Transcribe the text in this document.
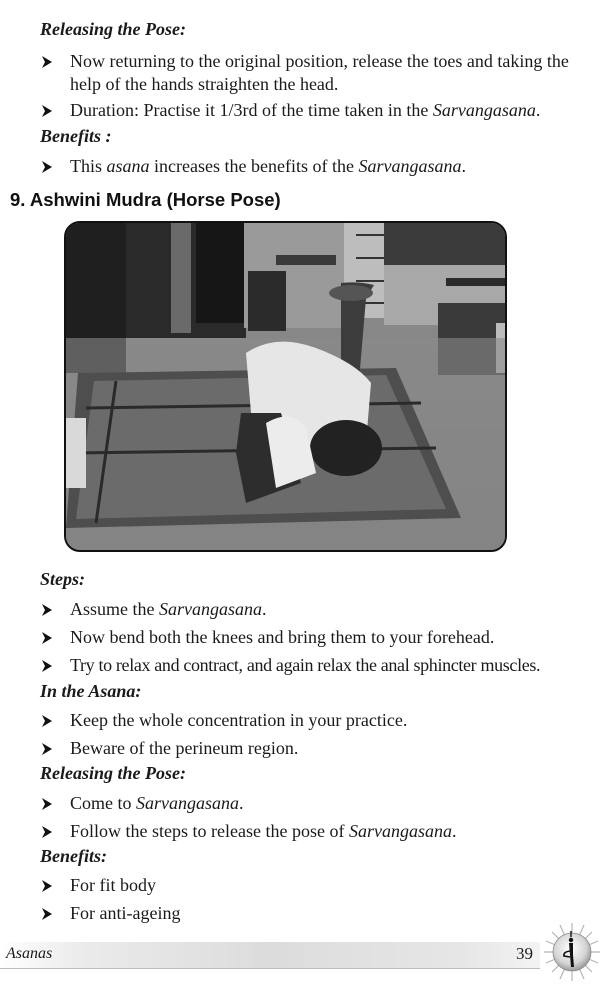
Releasing the Pose:
Now returning to the original position, release the toes and taking the help of the hands straighten the head.
Duration: Practise it 1/3rd of the time taken in the Sarvangasana.
Benefits :
This asana increases the benefits of the Sarvangasana.
9. Ashwini Mudra (Horse Pose)
Steps:
Assume the Sarvangasana.
Now bend both the knees and bring them to your forehead.
Try to relax and contract, and again relax the anal sphincter muscles.
In the Asana:
Keep the whole concentration in your practice.
Beware of the perineum region.
Releasing the Pose:
Come to Sarvangasana.
Follow the steps to release the pose of Sarvangasana.
Benefits:
For fit body
For anti-ageing
Asanas	39
